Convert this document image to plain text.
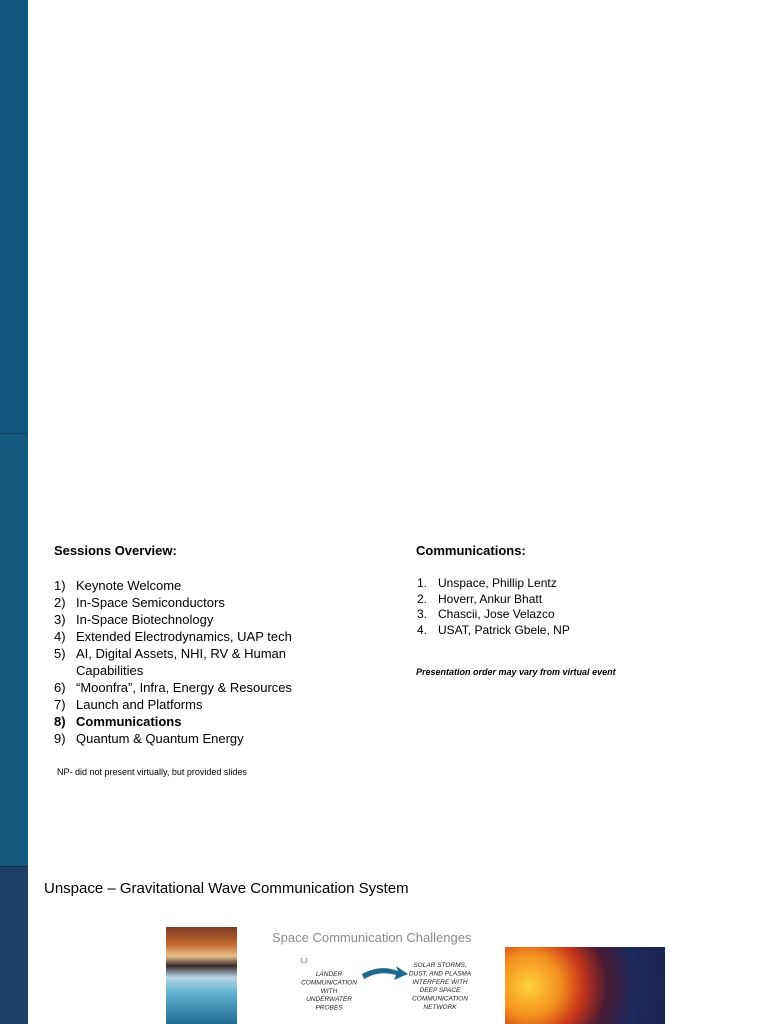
Sessions Overview:
1) Keynote Welcome
2) In-Space Semiconductors
3) In-Space Biotechnology
4) Extended Electrodynamics, UAP tech
5) AI, Digital Assets, NHI, RV & Human Capabilities
6) “Moonfra”, Infra, Energy & Resources
7) Launch and Platforms
8) Communications
9) Quantum & Quantum Energy
NP- did not present virtually, but provided slides
Communications:
1. Unspace, Phillip Lentz
2. Hoverr, Ankur Bhatt
3. Chascii, Jose Velazco
4. USAT, Patrick Gbele, NP
Presentation order may vary from virtual event
Unspace – Gravitational Wave Communication System
Space Communication Challenges
LANDER
COMMUNICATION
WITH
UNDERWATER
PROBES
SOLAR STORMS,
DUST, AND PLASMA
INTERFERE WITH
DEEP SPACE
COMMUNICATION
NETWORK
